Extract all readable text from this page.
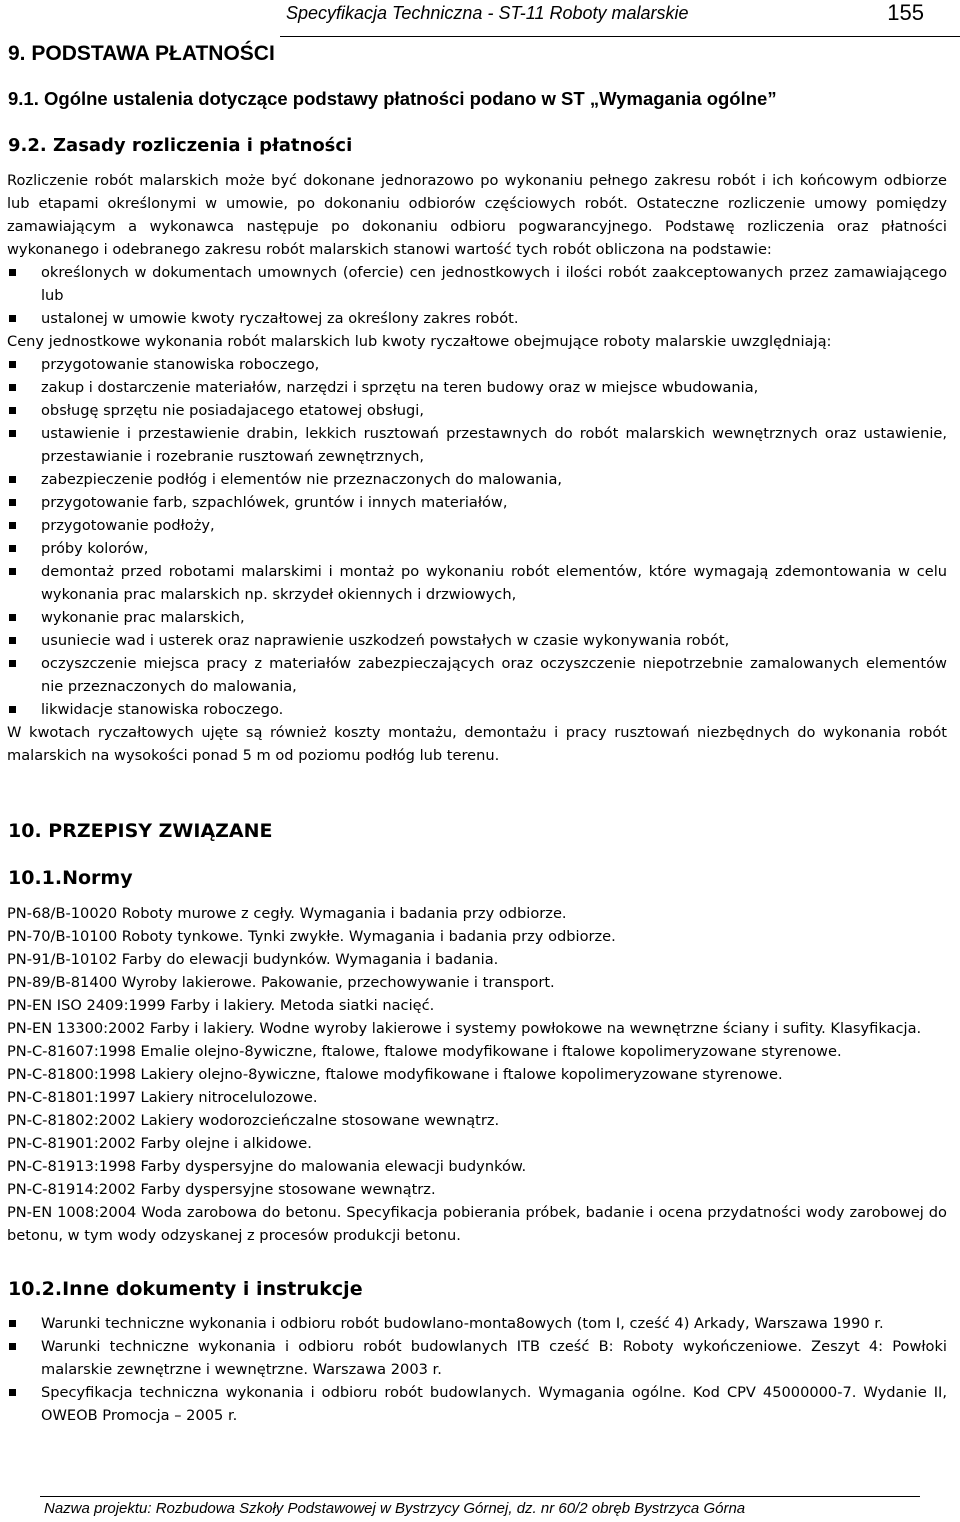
Specyfikacja Techniczna - ST-11 Roboty malarskie	155
9. PODSTAWA PŁATNOŚCI
9.1. Ogólne ustalenia dotyczące podstawy płatności podano w ST „Wymagania ogólne”
9.2. Zasady rozliczenia i płatności

Rozliczenie robót malarskich może być dokonane jednorazowo po wykonaniu pełnego zakresu robót i ich końcowym odbiorze lub etapami określonymi w umowie, po dokonaniu odbiorów częściowych robót. Ostateczne rozliczenie umowy pomiędzy zamawiającym a wykonawca następuje po dokonaniu odbioru pogwarancyjnego. Podstawę rozliczenia oraz płatności wykonanego i odebranego zakresu robót malarskich stanowi wartość tych robót obliczona na podstawie:

określonych w dokumentach umownych (ofercie) cen jednostkowych i ilości robót zaakceptowanych przez zamawiającego lub
ustalonej w umowie kwoty ryczałtowej za określony zakres robót.

Ceny jednostkowe wykonania robót malarskich lub kwoty ryczałtowe obejmujące roboty malarskie uwzględniają:

przygotowanie stanowiska roboczego,
zakup i dostarczenie materiałów, narzędzi i sprzętu na teren budowy oraz w miejsce wbudowania,
obsługę sprzętu nie posiadajacego etatowej obsługi,
ustawienie i przestawienie drabin, lekkich rusztowań przestawnych do robót malarskich wewnętrznych oraz ustawienie, przestawianie i rozebranie rusztowań zewnętrznych,
zabezpieczenie podłóg i elementów nie przeznaczonych do malowania,
przygotowanie farb, szpachlówek, gruntów i innych materiałów,
przygotowanie podłoży,
próby kolorów,
demontaż przed robotami malarskimi i montaż po wykonaniu robót elementów, które wymagają zdemontowania w celu wykonania prac malarskich np. skrzydeł okiennych i drzwiowych,
wykonanie prac malarskich,
usuniecie wad i usterek oraz naprawienie uszkodzeń powstałych w czasie wykonywania robót,
oczyszczenie miejsca pracy z materiałów zabezpieczających oraz oczyszczenie niepotrzebnie zamalowanych elementów nie przeznaczonych do malowania,
likwidacje stanowiska roboczego.

W kwotach ryczałtowych ujęte są również koszty montażu, demontażu i pracy rusztowań niezbędnych do wykonania robót malarskich na wysokości ponad 5 m od poziomu podłóg lub terenu.

10. PRZEPISY ZWIĄZANE
10.1.Normy

PN-68/B-10020 Roboty murowe z cegły. Wymagania i badania przy odbiorze.

PN-70/B-10100 Roboty tynkowe. Tynki zwykłe. Wymagania i badania przy odbiorze.

PN-91/B-10102 Farby do elewacji budynków. Wymagania i badania.

PN-89/B-81400 Wyroby lakierowe. Pakowanie, przechowywanie i transport.

PN-EN ISO 2409:1999 Farby i lakiery. Metoda siatki nacięć.

PN-EN 13300:2002 Farby i lakiery. Wodne wyroby lakierowe i systemy powłokowe na wewnętrzne ściany i sufity. Klasyfikacja.

PN-C-81607:1998 Emalie olejno-8ywiczne, ftalowe, ftalowe modyfikowane i ftalowe kopolimeryzowane styrenowe.

PN-C-81800:1998 Lakiery olejno-8ywiczne, ftalowe modyfikowane i ftalowe kopolimeryzowane styrenowe.

PN-C-81801:1997 Lakiery nitrocelulozowe.

PN-C-81802:2002 Lakiery wodorozcieńczalne stosowane wewnątrz.

PN-C-81901:2002 Farby olejne i alkidowe.

PN-C-81913:1998 Farby dyspersyjne do malowania elewacji budynków.

PN-C-81914:2002 Farby dyspersyjne stosowane wewnątrz.

PN-EN 1008:2004 Woda zarobowa do betonu. Specyfikacja pobierania próbek, badanie i ocena przydatności wody zarobowej do betonu, w tym wody odzyskanej z procesów produkcji betonu.

10.2.Inne dokumenty i instrukcje
Warunki techniczne wykonania i odbioru robót budowlano-monta8owych (tom I, cześć 4) Arkady, Warszawa 1990 r.
Warunki techniczne wykonania i odbioru robót budowlanych ITB cześć B: Roboty wykończeniowe. Zeszyt 4: Powłoki malarskie zewnętrzne i wewnętrzne. Warszawa 2003 r.
Specyfikacja techniczna wykonania i odbioru robót budowlanych. Wymagania ogólne. Kod CPV 45000000-7. Wydanie II, OWEOB Promocja – 2005 r.
Nazwa projektu: Rozbudowa Szkoły Podstawowej w Bystrzycy Górnej, dz. nr 60/2 obręb Bystrzyca Górna
